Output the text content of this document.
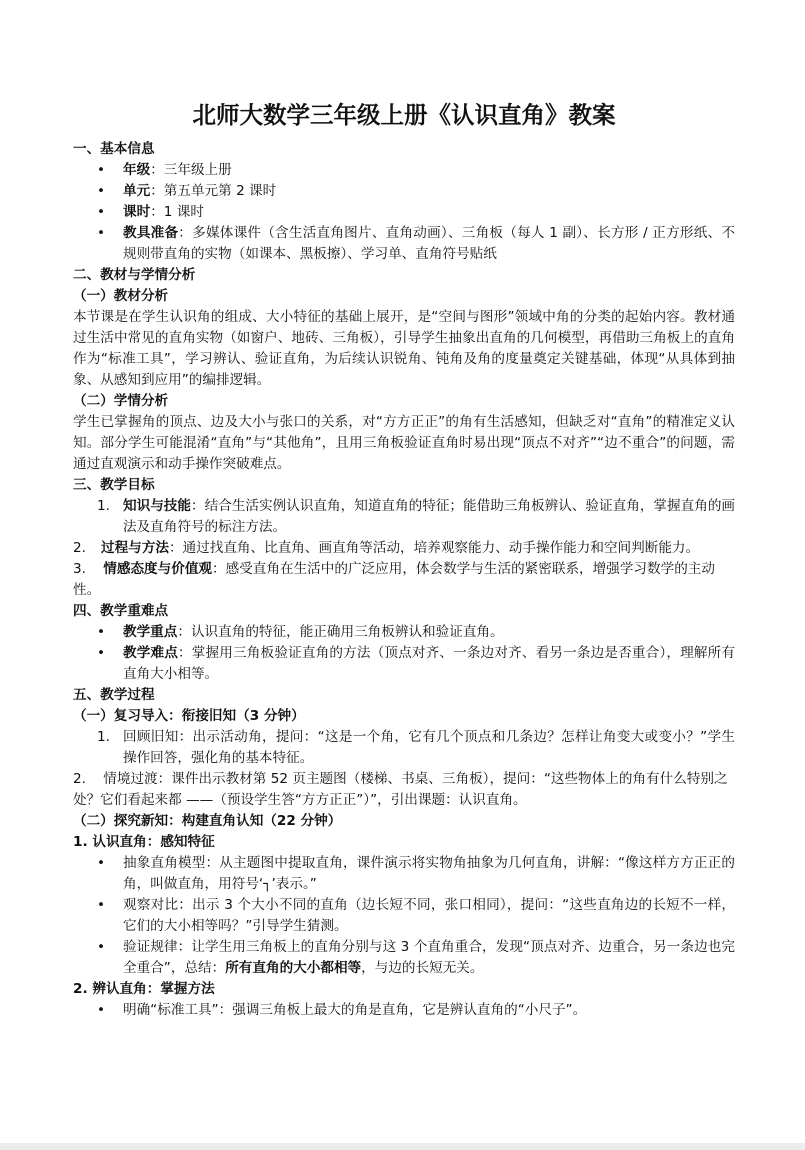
北师大数学三年级上册《认识直角》教案
一、基本信息
• 年级：三年级上册
• 单元：第五单元第 2 课时
• 课时：1 课时
• 教具准备：多媒体课件（含生活直角图片、直角动画）、三角板（每人 1 副）、长方形 / 正方形纸、不规则带直角的实物（如课本、黑板擦）、学习单、直角符号贴纸
二、教材与学情分析
（一）教材分析

本节课是在学生认识角的组成、大小特征的基础上展开，是“空间与图形”领域中角的分类的起始内容。教材通过生活中常见的直角实物（如窗户、地砖、三角板），引导学生抽象出直角的几何模型，再借助三角板上的直角作为“标准工具”，学习辨认、验证直角，为后续认识锐角、钝角及角的度量奠定关键基础，体现“从具体到抽象、从感知到应用”的编排逻辑。

（二）学情分析

学生已掌握角的顶点、边及大小与张口的关系，对“方方正正”的角有生活感知，但缺乏对“直角”的精准定义认知。部分学生可能混淆“直角”与“其他角”，且用三角板验证直角时易出现“顶点不对齐”“边不重合”的问题，需通过直观演示和动手操作突破难点。

三、教学目标
1. 知识与技能：结合生活实例认识直角，知道直角的特征；能借助三角板辨认、验证直角，掌握直角的画法及直角符号的标注方法。
2. 过程与方法：通过找直角、比直角、画直角等活动，培养观察能力、动手操作能力和空间判断能力。
3. 情感态度与价值观：感受直角在生活中的广泛应用，体会数学与生活的紧密联系，增强学习数学的主动性。
四、教学重难点
• 教学重点：认识直角的特征，能正确用三角板辨认和验证直角。
• 教学难点：掌握用三角板验证直角的方法（顶点对齐、一条边对齐、看另一条边是否重合），理解所有直角大小相等。
五、教学过程
（一）复习导入：衔接旧知（3 分钟）
1. 回顾旧知：出示活动角，提问：“这是一个角，它有几个顶点和几条边？怎样让角变大或变小？”学生操作回答，强化角的基本特征。
2. 情境过渡：课件出示教材第 52 页主题图（楼梯、书桌、三角板），提问：“这些物体上的角有什么特别之处？它们看起来都 ——（预设学生答“方方正正”）”，引出课题：认识直角。
（二）探究新知：构建直角认知（22 分钟）
1. 认识直角：感知特征
• 抽象直角模型：从主题图中提取直角，课件演示将实物角抽象为几何直角，讲解：“像这样方方正正的角，叫做直角，用符号‘┐’表示。”
• 观察对比：出示 3 个大小不同的直角（边长短不同，张口相同），提问：“这些直角边的长短不一样，它们的大小相等吗？”引导学生猜测。
• 验证规律：让学生用三角板上的直角分别与这 3 个直角重合，发现“顶点对齐、边重合，另一条边也完全重合”，总结：所有直角的大小都相等，与边的长短无关。
2. 辨认直角：掌握方法
• 明确“标准工具”：强调三角板上最大的角是直角，它是辨认直角的“小尺子”。
